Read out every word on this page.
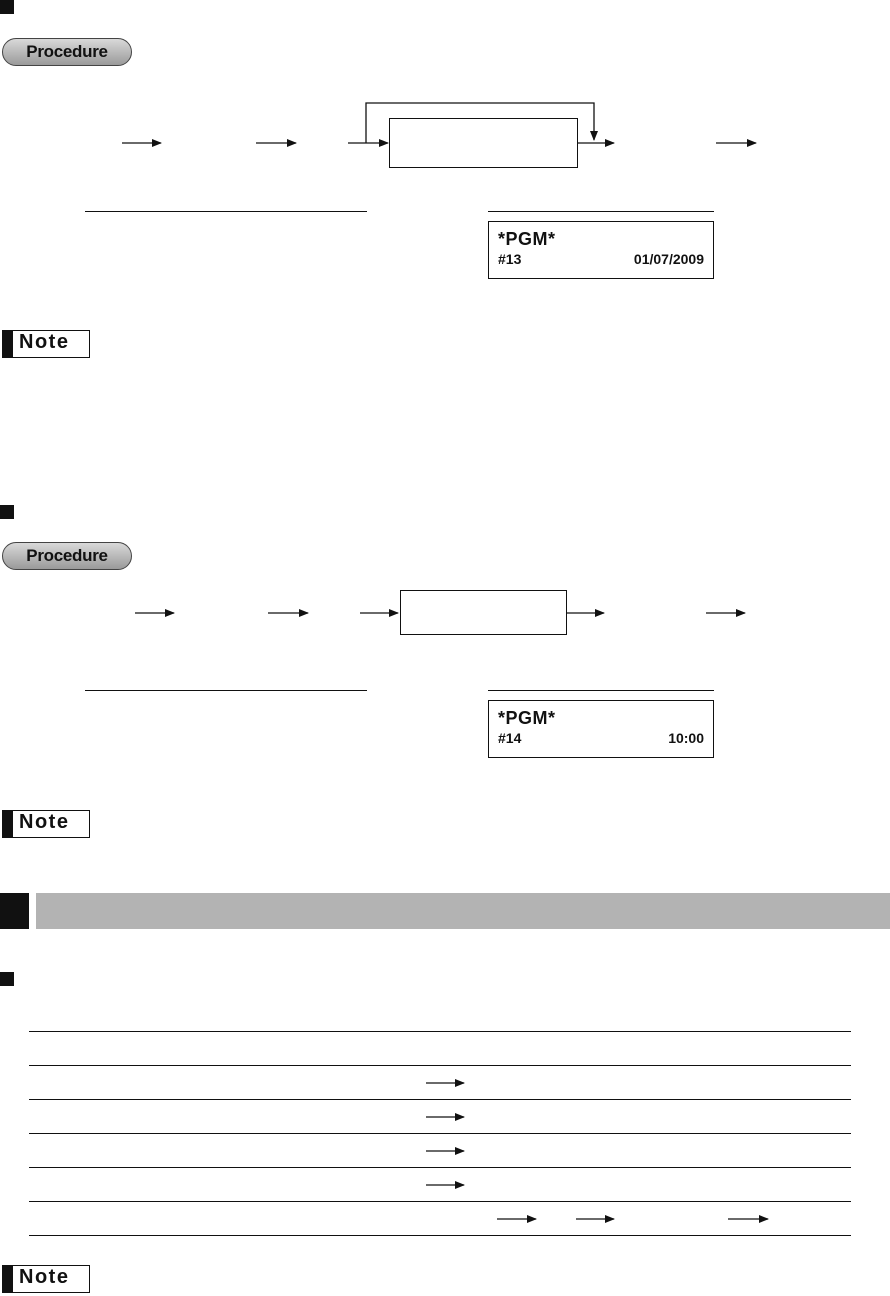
Procedure
*PGM*
#13	01/07/2009
Note
Procedure
*PGM*
#14	10:00
Note
Note
